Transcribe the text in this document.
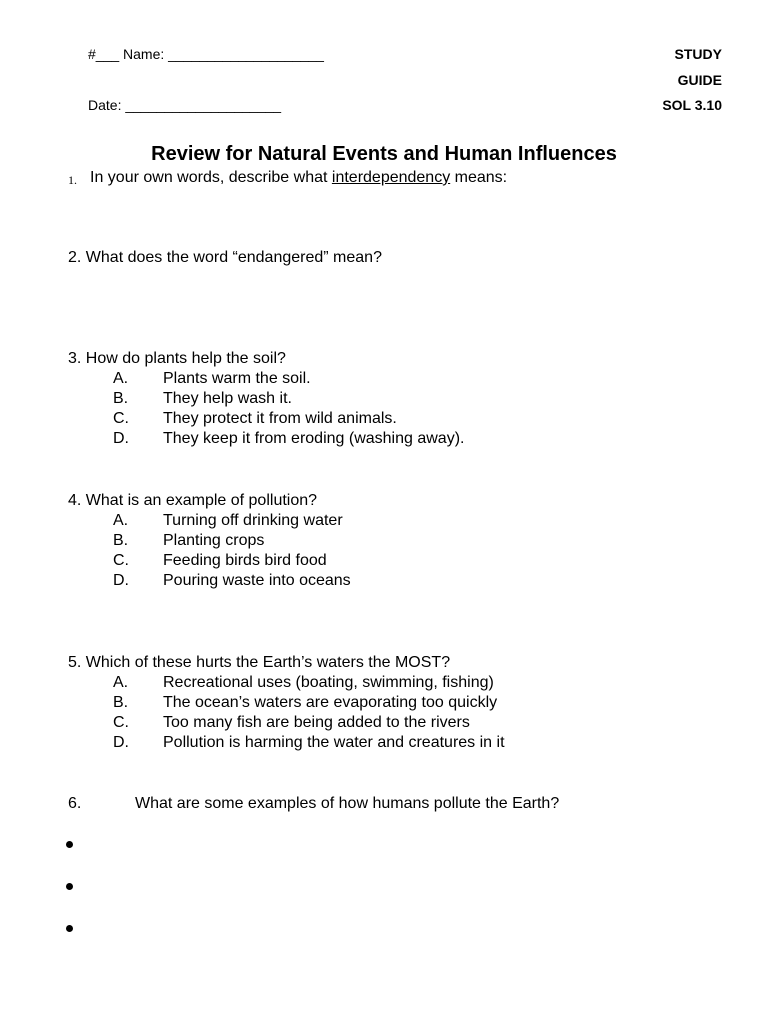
#___ Name: ____________________
Date: ____________________
STUDY
GUIDE
SOL 3.10
Review for Natural Events and Human Influences
1. In your own words, describe what interdependency means:
2. What does the word “endangered” mean?
3. How do plants help the soil?
A. Plants warm the soil.
B. They help wash it.
C. They protect it from wild animals.
D. They keep it from eroding (washing away).
4. What is an example of pollution?
A. Turning off drinking water
B. Planting crops
C. Feeding birds bird food
D. Pouring waste into oceans
5. Which of these hurts the Earth’s waters the MOST?
A. Recreational uses (boating, swimming, fishing)
B. The ocean’s waters are evaporating too quickly
C. Too many fish are being added to the rivers
D. Pollution is harming the water and creatures in it
6.	What are some examples of how humans pollute the Earth?
